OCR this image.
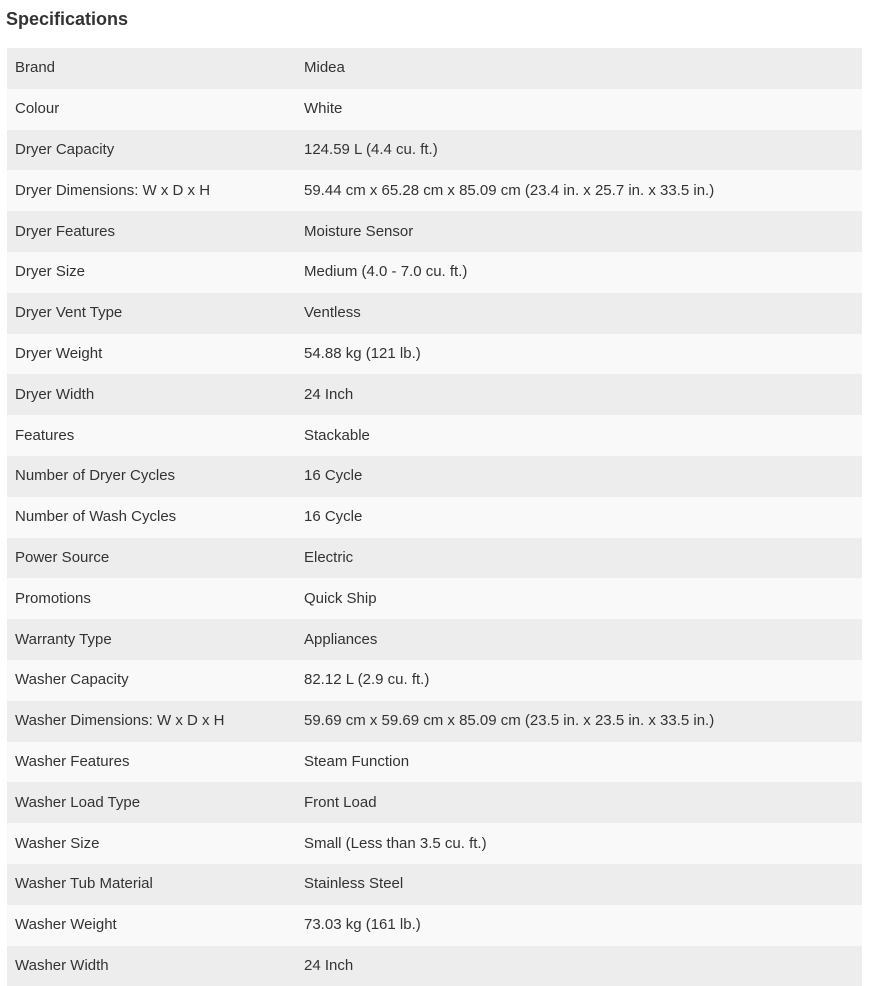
Specifications
Brand	Midea
Colour	White
Dryer Capacity	124.59 L (4.4 cu. ft.)
Dryer Dimensions: W x D x H	59.44 cm x 65.28 cm x 85.09 cm (23.4 in. x 25.7 in. x 33.5 in.)
Dryer Features	Moisture Sensor
Dryer Size	Medium (4.0 - 7.0 cu. ft.)
Dryer Vent Type	Ventless
Dryer Weight	54.88 kg (121 lb.)
Dryer Width	24 Inch
Features	Stackable
Number of Dryer Cycles	16 Cycle
Number of Wash Cycles	16 Cycle
Power Source	Electric
Promotions	Quick Ship
Warranty Type	Appliances
Washer Capacity	82.12 L (2.9 cu. ft.)
Washer Dimensions: W x D x H	59.69 cm x 59.69 cm x 85.09 cm (23.5 in. x 23.5 in. x 33.5 in.)
Washer Features	Steam Function
Washer Load Type	Front Load
Washer Size	Small (Less than 3.5 cu. ft.)
Washer Tub Material	Stainless Steel
Washer Weight	73.03 kg (161 lb.)
Washer Width	24 Inch
